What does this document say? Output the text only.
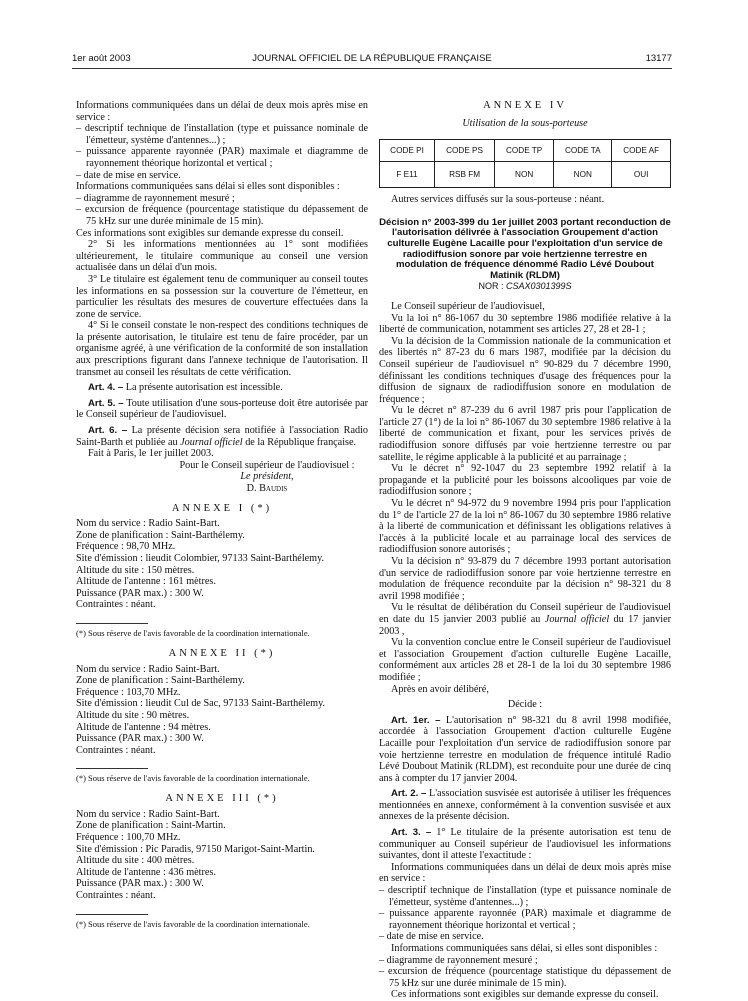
1er août 2003	JOURNAL OFFICIEL DE LA RÉPUBLIQUE FRANÇAISE	13177
Informations communiquées dans un délai de deux mois après mise en service :
– descriptif technique de l'installation (type et puissance nominale de l'émetteur, système d'antennes...) ;
– puissance apparente rayonnée (PAR) maximale et diagramme de rayonnement théorique horizontal et vertical ;
– date de mise en service.
Informations communiquées sans délai si elles sont disponibles :
– diagramme de rayonnement mesuré ;
– excursion de fréquence (pourcentage statistique du dépassement de 75 kHz sur une durée minimale de 15 min).
Ces informations sont exigibles sur demande expresse du conseil.
2° Si les informations mentionnées au 1° sont modifiées ultérieurement, le titulaire communique au conseil une version actualisée dans un délai d'un mois.
3° Le titulaire est également tenu de communiquer au conseil toutes les informations en sa possession sur la couverture de l'émetteur, en particulier les résultats des mesures de couverture effectuées dans la zone de service.
4° Si le conseil constate le non-respect des conditions techniques de la présente autorisation, le titulaire est tenu de faire procéder, par un organisme agréé, à une vérification de la conformité de son installation aux prescriptions figurant dans l'annexe technique de l'autorisation. Il transmet au conseil les résultats de cette vérification.
Art. 4. – La présente autorisation est incessible.
Art. 5. – Toute utilisation d'une sous-porteuse doit être autorisée par le Conseil supérieur de l'audiovisuel.
Art. 6. – La présente décision sera notifiée à l'association Radio Saint-Barth et publiée au Journal officiel de la République française.
Fait à Paris, le 1er juillet 2003.
Pour le Conseil supérieur de l'audiovisuel :
Le président,
D. Baudis
ANNEXE I (*)
Nom du service : Radio Saint-Bart.
Zone de planification : Saint-Barthélemy.
Fréquence : 98,70 MHz.
Site d'émission : lieudit Colombier, 97133 Saint-Barthélemy.
Altitude du site : 150 mètres.
Altitude de l'antenne : 161 mètres.
Puissance (PAR max.) : 300 W.
Contraintes : néant.
(*) Sous réserve de l'avis favorable de la coordination internationale.
ANNEXE II (*)
Nom du service : Radio Saint-Bart.
Zone de planification : Saint-Barthélemy.
Fréquence : 103,70 MHz.
Site d'émission : lieudit Cul de Sac, 97133 Saint-Barthélemy.
Altitude du site : 90 mètres.
Altitude de l'antenne : 94 mètres.
Puissance (PAR max.) : 300 W.
Contraintes : néant.
(*) Sous réserve de l'avis favorable de la coordination internationale.
ANNEXE III (*)
Nom du service : Radio Saint-Bart.
Zone de planification : Saint-Martin.
Fréquence : 100,70 MHz.
Site d'émission : Pic Paradis, 97150 Marigot-Saint-Martin.
Altitude du site : 400 mètres.
Altitude de l'antenne : 436 mètres.
Puissance (PAR max.) : 300 W.
Contraintes : néant.
(*) Sous réserve de l'avis favorable de la coordination internationale.
ANNEXE IV
Utilisation de la sous-porteuse
CODE PI	CODE PS	CODE TP	CODE TA	CODE AF
F E11	RSB FM	NON	NON	OUI
Autres services diffusés sur la sous-porteuse : néant.
Décision n° 2003-399 du 1er juillet 2003 portant reconduction de l'autorisation délivrée à l'association Groupement d'action culturelle Eugène Lacaille pour l'exploitation d'un service de radiodiffusion sonore par voie hertzienne terrestre en modulation de fréquence dénommé Radio Lévé Doubout Matinik (RLDM)
NOR : CSAX0301399S
Le Conseil supérieur de l'audiovisuel,
Vu la loi n° 86-1067 du 30 septembre 1986 modifiée relative à la liberté de communication, notamment ses articles 27, 28 et 28-1 ;
Vu la décision de la Commission nationale de la communication et des libertés n° 87-23 du 6 mars 1987, modifiée par la décision du Conseil supérieur de l'audiovisuel n° 90-829 du 7 décembre 1990, définissant les conditions techniques d'usage des fréquences pour la diffusion de signaux de radiodiffusion sonore en modulation de fréquence ;
Vu le décret n° 87-239 du 6 avril 1987 pris pour l'application de l'article 27 (1°) de la loi n° 86-1067 du 30 septembre 1986 relative à la liberté de communication et fixant, pour les services privés de radiodiffusion sonore diffusés par voie hertzienne terrestre ou par satellite, le régime applicable à la publicité et au parrainage ;
Vu le décret n° 92-1047 du 23 septembre 1992 relatif à la propagande et la publicité pour les boissons alcooliques par voie de radiodiffusion sonore ;
Vu le décret n° 94-972 du 9 novembre 1994 pris pour l'application du 1° de l'article 27 de la loi n° 86-1067 du 30 septembre 1986 relative à la liberté de communication et définissant les obligations relatives à l'accès à la publicité locale et au parrainage local des services de radiodiffusion sonore autorisés ;
Vu la décision n° 93-879 du 7 décembre 1993 portant autorisation d'un service de radiodiffusion sonore par voie hertzienne terrestre en modulation de fréquence reconduite par la décision n° 98-321 du 8 avril 1998 modifiée ;
Vu le résultat de délibération du Conseil supérieur de l'audiovisuel en date du 15 janvier 2003 publié au Journal officiel du 17 janvier 2003 ,
Vu la convention conclue entre le Conseil supérieur de l'audiovisuel et l'association Groupement d'action culturelle Eugène Lacaille, conformément aux articles 28 et 28-1 de la loi du 30 septembre 1986 modifiée ;
Après en avoir délibéré,
Décide :
Art. 1er. – L'autorisation n° 98-321 du 8 avril 1998 modifiée, accordée à l'association Groupement d'action culturelle Eugène Lacaille pour l'exploitation d'un service de radiodiffusion sonore par voie hertzienne terrestre en modulation de fréquence intitulé Radio Lévé Doubout Matinik (RLDM), est reconduite pour une durée de cinq ans à compter du 17 janvier 2004.
Art. 2. – L'association susvisée est autorisée à utiliser les fréquences mentionnées en annexe, conformément à la convention susvisée et aux annexes de la présente décision.
Art. 3. – 1° Le titulaire de la présente autorisation est tenu de communiquer au Conseil supérieur de l'audiovisuel les informations suivantes, dont il atteste l'exactitude :
Informations communiquées dans un délai de deux mois après mise en service :
– descriptif technique de l'installation (type et puissance nominale de l'émetteur, système d'antennes...) ;
– puissance apparente rayonnée (PAR) maximale et diagramme de rayonnement théorique horizontal et vertical ;
– date de mise en service.
Informations communiquées sans délai, si elles sont disponibles :
– diagramme de rayonnement mesuré ;
– excursion de fréquence (pourcentage statistique du dépassement de 75 kHz sur une durée minimale de 15 min).
Ces informations sont exigibles sur demande expresse du conseil.
